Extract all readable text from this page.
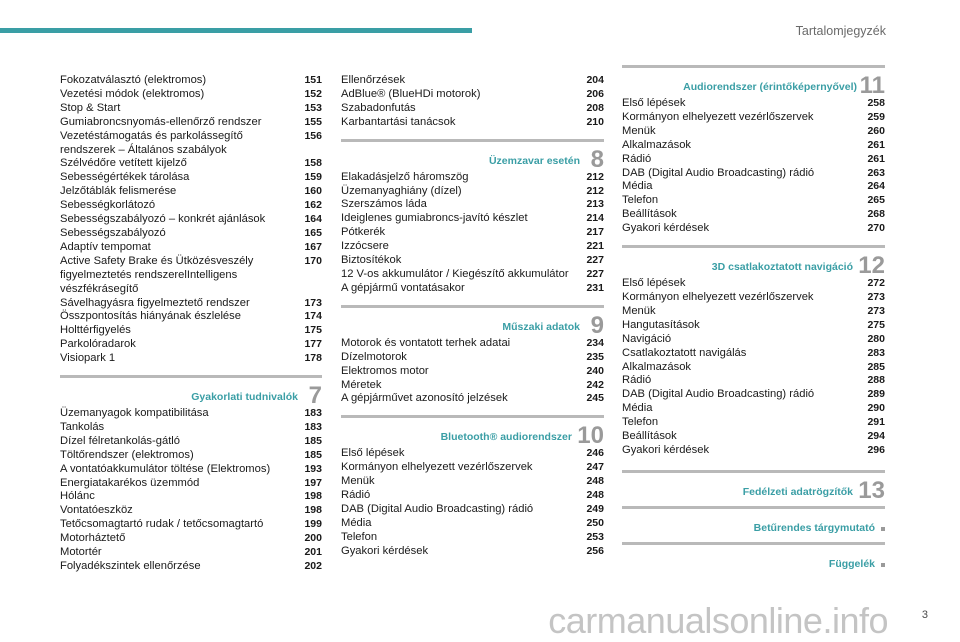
Tartalomjegyzék
Fokozatválasztó (elektromos)	151
Vezetési módok (elektromos)	152
Stop & Start	153
Gumiabroncsnyomás-ellenőrző rendszer	155
Vezetéstámogatás és parkolássegítő
rendszerek – Általános szabályok
156
Szélvédőre vetített kijelző	158
Sebességértékek tárolása	159
Jelzőtáblák felismerése	160
Sebességkorlátozó	162
Sebességszabályozó – konkrét ajánlások	164
Sebességszabályozó	165
Adaptív tempomat	167
Active Safety Brake és Ütközésveszély
figyelmeztetés rendszerelIntelligens
vészfékrásegítő
170
Sávelhagyásra figyelmeztető rendszer	173
Összpontosítás hiányának észlelése	174
Holttérfigyelés	175
Parkolóradarok	177
Visiopark 1	178
Gyakorlati tudnivalók 7
Üzemanyagok kompatibilitása	183
Tankolás	183
Dízel félretankolás-gátló	185
Töltőrendszer (elektromos)	185
A vontatóakkumulátor töltése (Elektromos)	193
Energiatakarékos üzemmód	197
Hólánc	198
Vontatóeszköz	198
Tetőcsomagtartó rudak / tetőcsomagtartó	199
Motorháztető	200
Motortér	201
Folyadékszintek ellenőrzése	202
Ellenőrzések	204
AdBlue® (BlueHDi motorok)	206
Szabadonfutás	208
Karbantartási tanácsok	210
Üzemzavar esetén 8
Elakadásjelző háromszög	212
Üzemanyaghiány (dízel)	212
Szerszámos láda	213
Ideiglenes gumiabroncs-javító készlet	214
Pótkerék	217
Izzócsere	221
Biztosítékok	227
12 V-os akkumulátor / Kiegészítő akkumulátor	227
A gépjármű vontatásakor	231
Műszaki adatok 9
Motorok és vontatott terhek adatai	234
Dízelmotorok	235
Elektromos motor	240
Méretek	242
A gépjárművet azonosító jelzések	245
Bluetooth® audiorendszer 10
Első lépések	246
Kormányon elhelyezett vezérlőszervek	247
Menük	248
Rádió	248
DAB (Digital Audio Broadcasting) rádió	249
Média	250
Telefon	253
Gyakori kérdések	256
Audiorendszer (érintőképernyővel) 11
Első lépések	258
Kormányon elhelyezett vezérlőszervek	259
Menük	260
Alkalmazások	261
Rádió	261
DAB (Digital Audio Broadcasting) rádió	263
Média	264
Telefon	265
Beállítások	268
Gyakori kérdések	270
3D csatlakoztatott navigáció 12
Első lépések	272
Kormányon elhelyezett vezérlőszervek	273
Menük	273
Hangutasítások	275
Navigáció	280
Csatlakoztatott navigálás	283
Alkalmazások	285
Rádió	288
DAB (Digital Audio Broadcasting) rádió	289
Média	290
Telefon	291
Beállítások	294
Gyakori kérdések	296
Fedélzeti adatrögzítők 13
Betűrendes tárgymutató
Függelék
carmanualsonline.info	3
